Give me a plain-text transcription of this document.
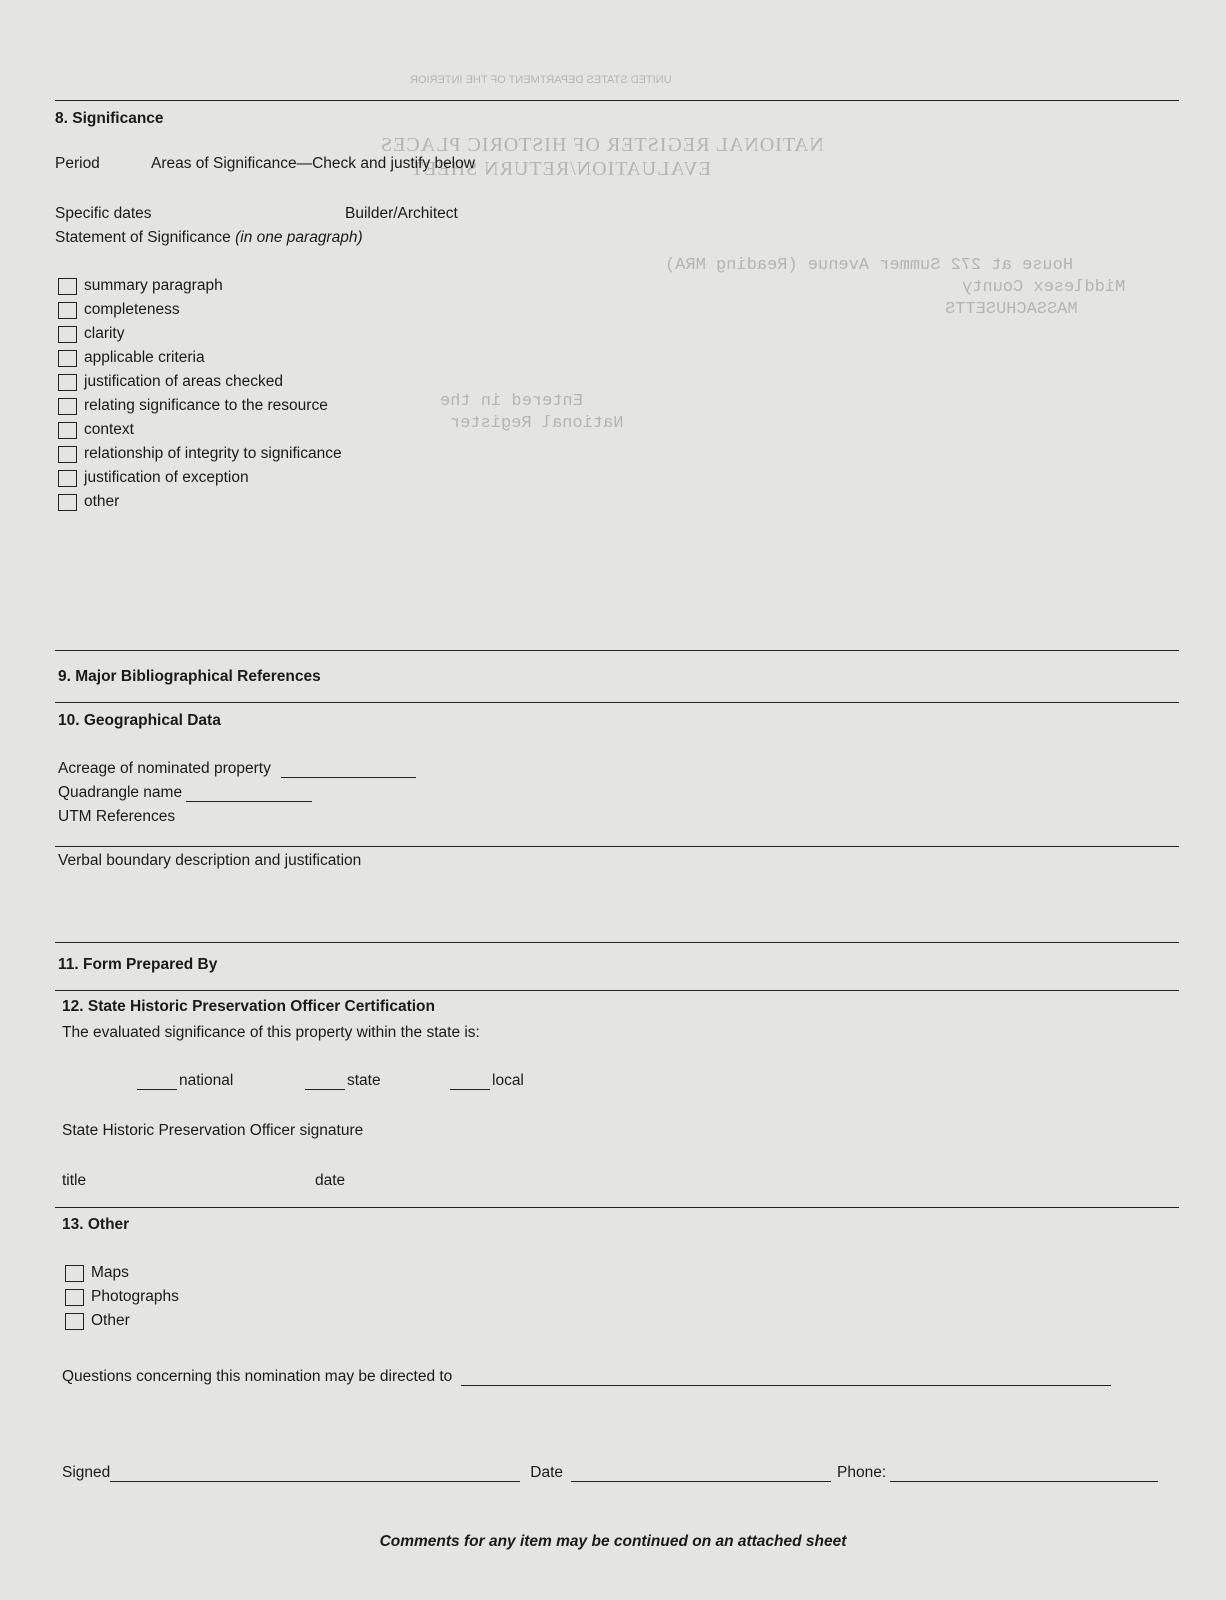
UNITED STATES DEPARTMENT OF THE INTERIOR
NATIONAL REGISTER OF HISTORIC PLACES
EVALUATION/RETURN SHEET
House at 272 Summer Avenue (Reading MRA)
Middlesex County
MASSACHUSETTS
Entered in the
National Register
8. Significance
Period	Areas of Significance—Check and justify below
Specific dates	Builder/Architect
Statement of Significance (in one paragraph)
summary paragraph
completeness
clarity
applicable criteria
justification of areas checked
relating significance to the resource
context
relationship of integrity to significance
justification of exception
other
9. Major Bibliographical References
10. Geographical Data
Acreage of nominated property
Quadrangle name
UTM References
Verbal boundary description and justification
11. Form Prepared By
12. State Historic Preservation Officer Certification
The evaluated significance of this property within the state is:
national	state	local
State Historic Preservation Officer signature
title	date
13. Other
Maps
Photographs
Other
Questions concerning this nomination may be directed to
Signed	Date	Phone:
Comments for any item may be continued on an attached sheet
